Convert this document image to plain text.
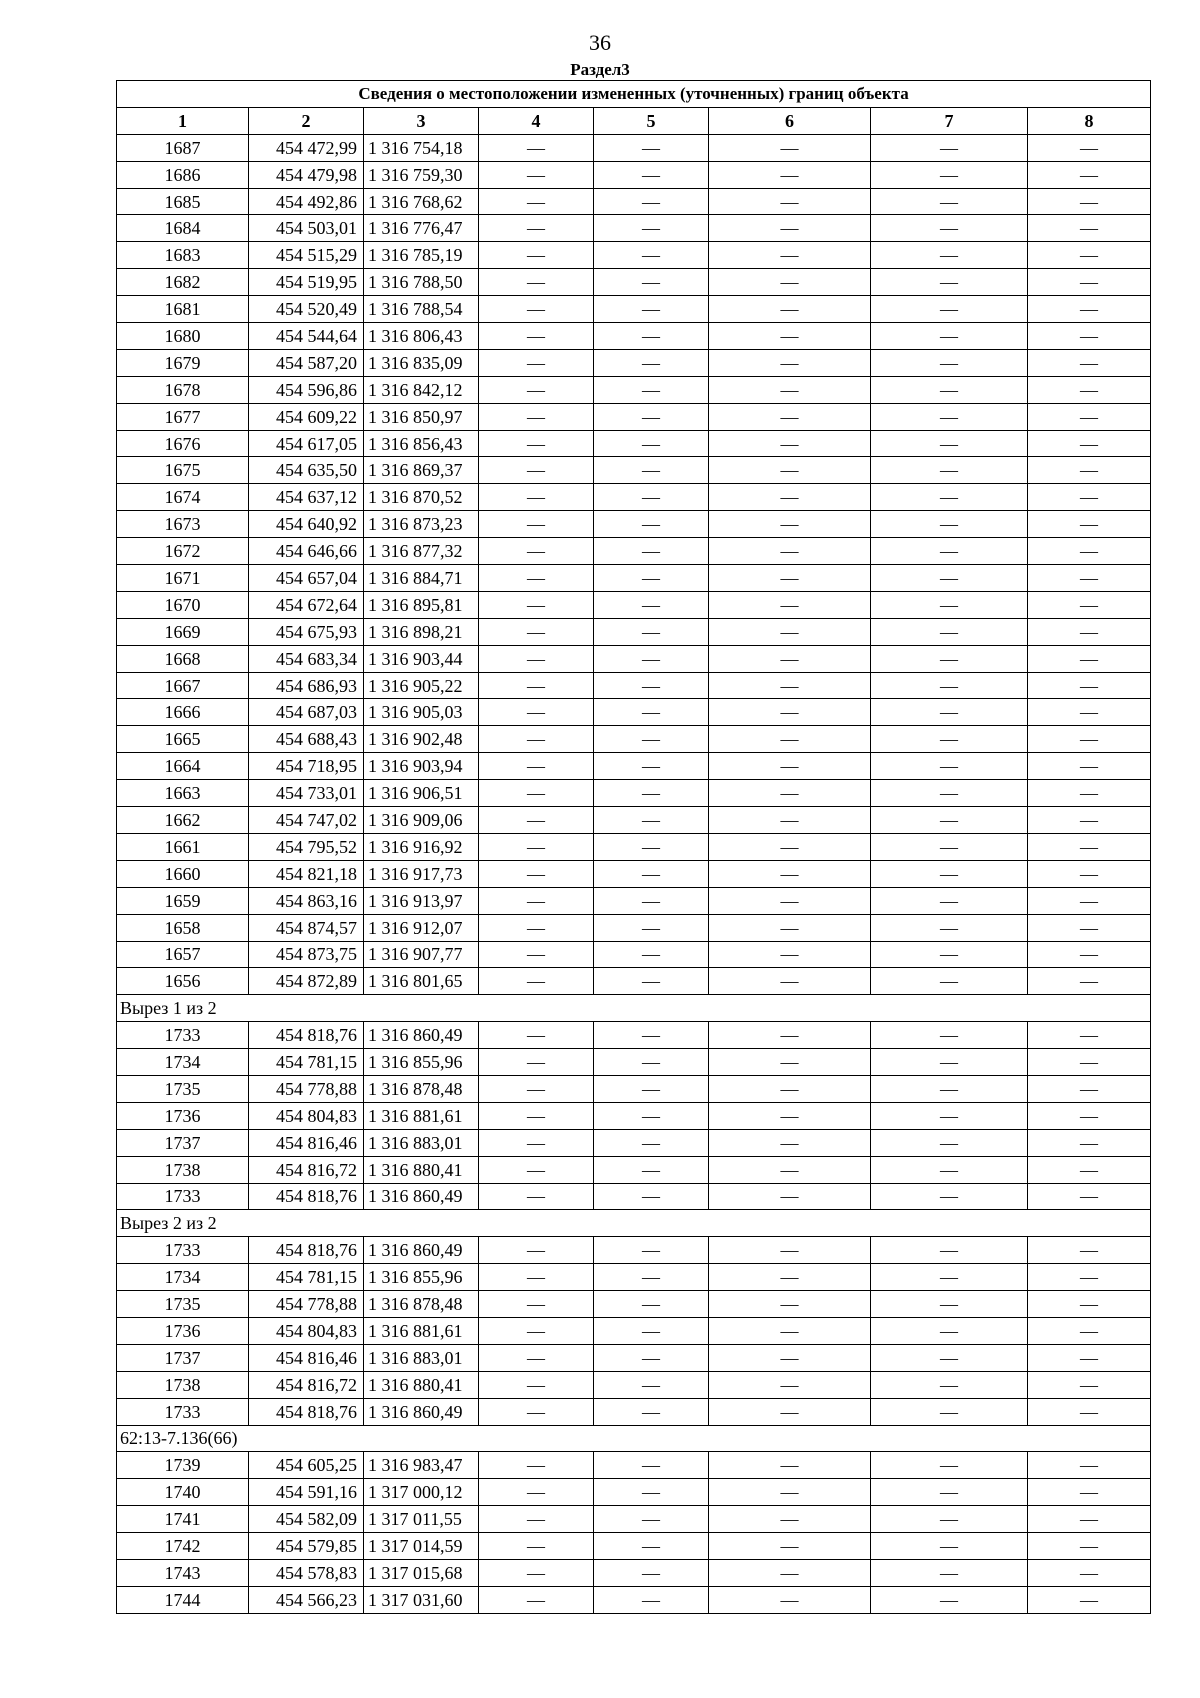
36
Раздел3
Сведения о местоположении измененных (уточненных) границ объекта							
1	2	3	4	5	6	7	8
1687	454 472,99	1 316 754,18	—	—	—	—	—
1686	454 479,98	1 316 759,30	—	—	—	—	—
1685	454 492,86	1 316 768,62	—	—	—	—	—
1684	454 503,01	1 316 776,47	—	—	—	—	—
1683	454 515,29	1 316 785,19	—	—	—	—	—
1682	454 519,95	1 316 788,50	—	—	—	—	—
1681	454 520,49	1 316 788,54	—	—	—	—	—
1680	454 544,64	1 316 806,43	—	—	—	—	—
1679	454 587,20	1 316 835,09	—	—	—	—	—
1678	454 596,86	1 316 842,12	—	—	—	—	—
1677	454 609,22	1 316 850,97	—	—	—	—	—
1676	454 617,05	1 316 856,43	—	—	—	—	—
1675	454 635,50	1 316 869,37	—	—	—	—	—
1674	454 637,12	1 316 870,52	—	—	—	—	—
1673	454 640,92	1 316 873,23	—	—	—	—	—
1672	454 646,66	1 316 877,32	—	—	—	—	—
1671	454 657,04	1 316 884,71	—	—	—	—	—
1670	454 672,64	1 316 895,81	—	—	—	—	—
1669	454 675,93	1 316 898,21	—	—	—	—	—
1668	454 683,34	1 316 903,44	—	—	—	—	—
1667	454 686,93	1 316 905,22	—	—	—	—	—
1666	454 687,03	1 316 905,03	—	—	—	—	—
1665	454 688,43	1 316 902,48	—	—	—	—	—
1664	454 718,95	1 316 903,94	—	—	—	—	—
1663	454 733,01	1 316 906,51	—	—	—	—	—
1662	454 747,02	1 316 909,06	—	—	—	—	—
1661	454 795,52	1 316 916,92	—	—	—	—	—
1660	454 821,18	1 316 917,73	—	—	—	—	—
1659	454 863,16	1 316 913,97	—	—	—	—	—
1658	454 874,57	1 316 912,07	—	—	—	—	—
1657	454 873,75	1 316 907,77	—	—	—	—	—
1656	454 872,89	1 316 801,65	—	—	—	—	—
Вырез 1 из 2							
1733	454 818,76	1 316 860,49	—	—	—	—	—
1734	454 781,15	1 316 855,96	—	—	—	—	—
1735	454 778,88	1 316 878,48	—	—	—	—	—
1736	454 804,83	1 316 881,61	—	—	—	—	—
1737	454 816,46	1 316 883,01	—	—	—	—	—
1738	454 816,72	1 316 880,41	—	—	—	—	—
1733	454 818,76	1 316 860,49	—	—	—	—	—
Вырез 2 из 2							
1733	454 818,76	1 316 860,49	—	—	—	—	—
1734	454 781,15	1 316 855,96	—	—	—	—	—
1735	454 778,88	1 316 878,48	—	—	—	—	—
1736	454 804,83	1 316 881,61	—	—	—	—	—
1737	454 816,46	1 316 883,01	—	—	—	—	—
1738	454 816,72	1 316 880,41	—	—	—	—	—
1733	454 818,76	1 316 860,49	—	—	—	—	—
62:13-7.136(66)							
1739	454 605,25	1 316 983,47	—	—	—	—	—
1740	454 591,16	1 317 000,12	—	—	—	—	—
1741	454 582,09	1 317 011,55	—	—	—	—	—
1742	454 579,85	1 317 014,59	—	—	—	—	—
1743	454 578,83	1 317 015,68	—	—	—	—	—
1744	454 566,23	1 317 031,60	—	—	—	—	—
